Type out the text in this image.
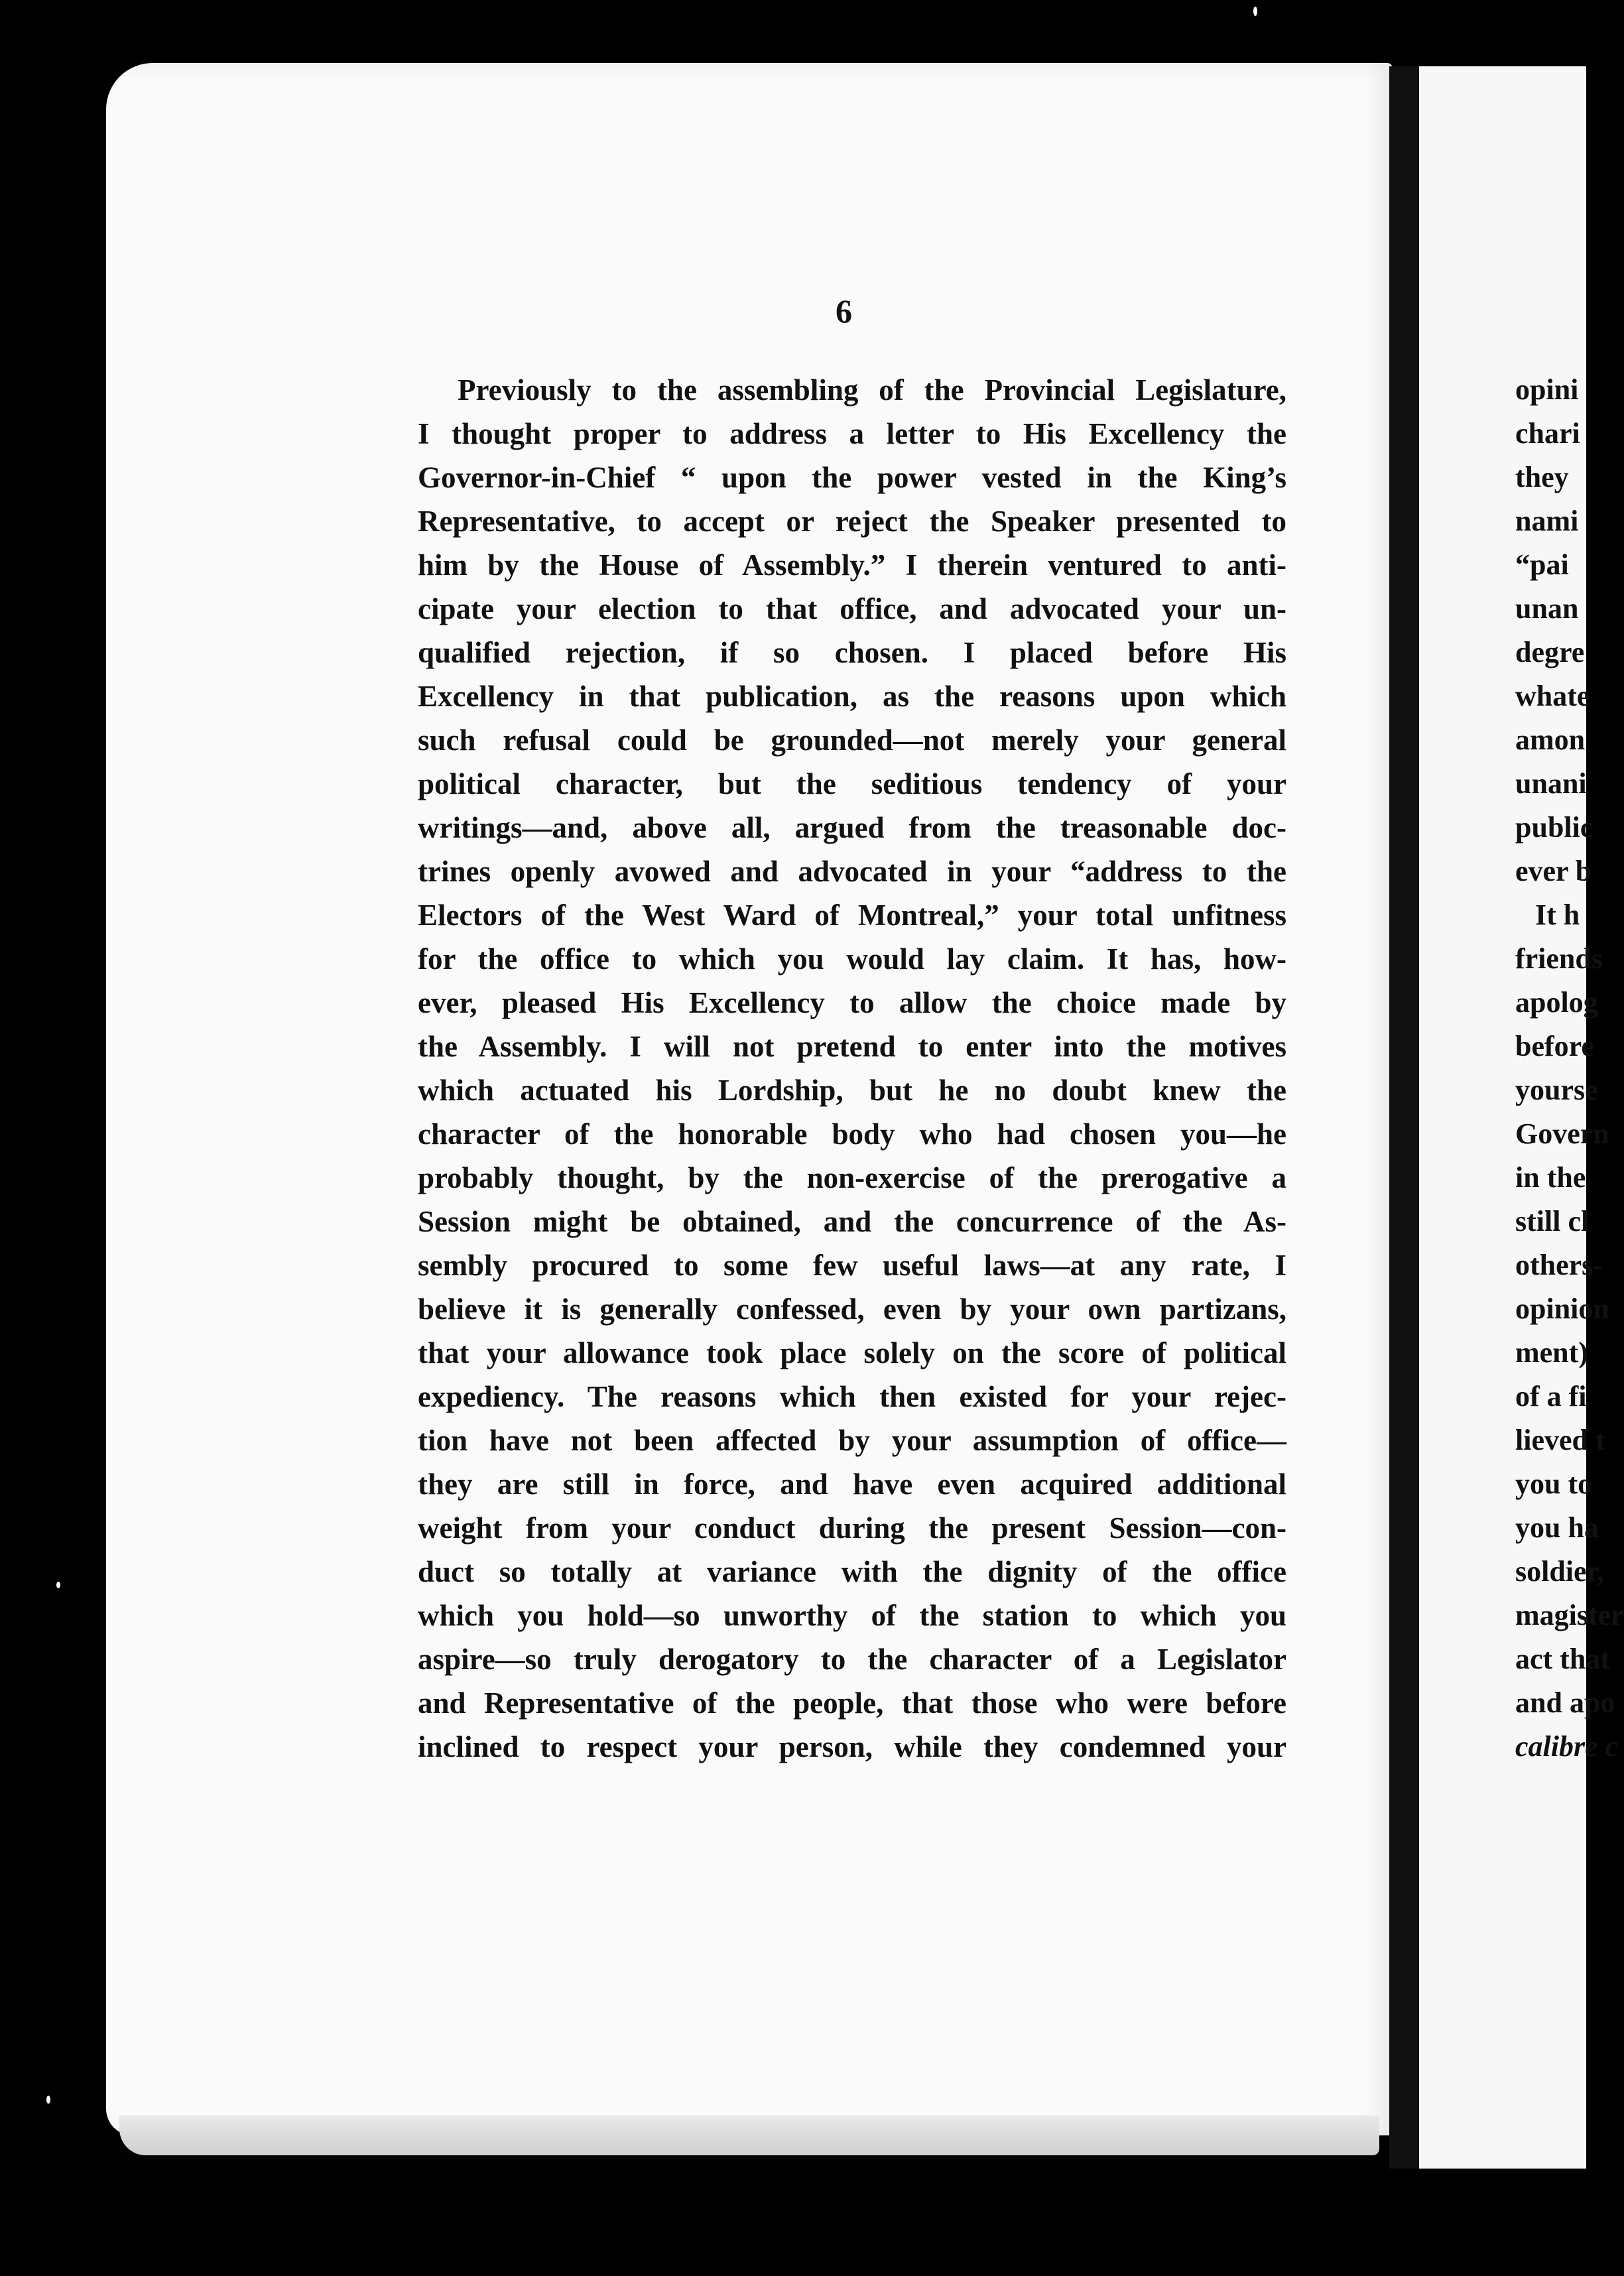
6
Previously to the assembling of the Provincial Legislature,
I thought proper to address a letter to His Excellency the
Governor-in-Chief “ upon the power vested in the King’s
Representative, to accept or reject the Speaker presented to
him by the House of Assembly.” I therein ventured to anti-
cipate your election to that office, and advocated your un-
qualified rejection, if so chosen. I placed before His
Excellency in that publication, as the reasons upon which
such refusal could be grounded—not merely your general
political character, but the seditious tendency of your
writings—and, above all, argued from the treasonable doc-
trines openly avowed and advocated in your “address to the
Electors of the West Ward of Montreal,” your total unfitness
for the office to which you would lay claim. It has, how-
ever, pleased His Excellency to allow the choice made by
the Assembly. I will not pretend to enter into the motives
which actuated his Lordship, but he no doubt knew the
character of the honorable body who had chosen you—he
probably thought, by the non-exercise of the prerogative a
Session might be obtained, and the concurrence of the As-
sembly procured to some few useful laws—at any rate, I
believe it is generally confessed, even by your own partizans,
that your allowance took place solely on the score of political
expediency. The reasons which then existed for your rejec-
tion have not been affected by your assumption of office—
they are still in force, and have even acquired additional
weight from your conduct during the present Session—con-
duct so totally at variance with the dignity of the office
which you hold—so unworthy of the station to which you
aspire—so truly derogatory to the character of a Legislator
and Representative of the people, that those who were before
inclined to respect your person, while they condemned your
opini
chari
they
nami
“pai
unan
degre
whate
amon
unani
public
ever b
It h
friends
apolog
before
yourse
Govern
in the
still cl
others-
opinion
ment)
of a fi
lieved t
you to
you ha
soldier,
magister
act that
and apo
calibre c
